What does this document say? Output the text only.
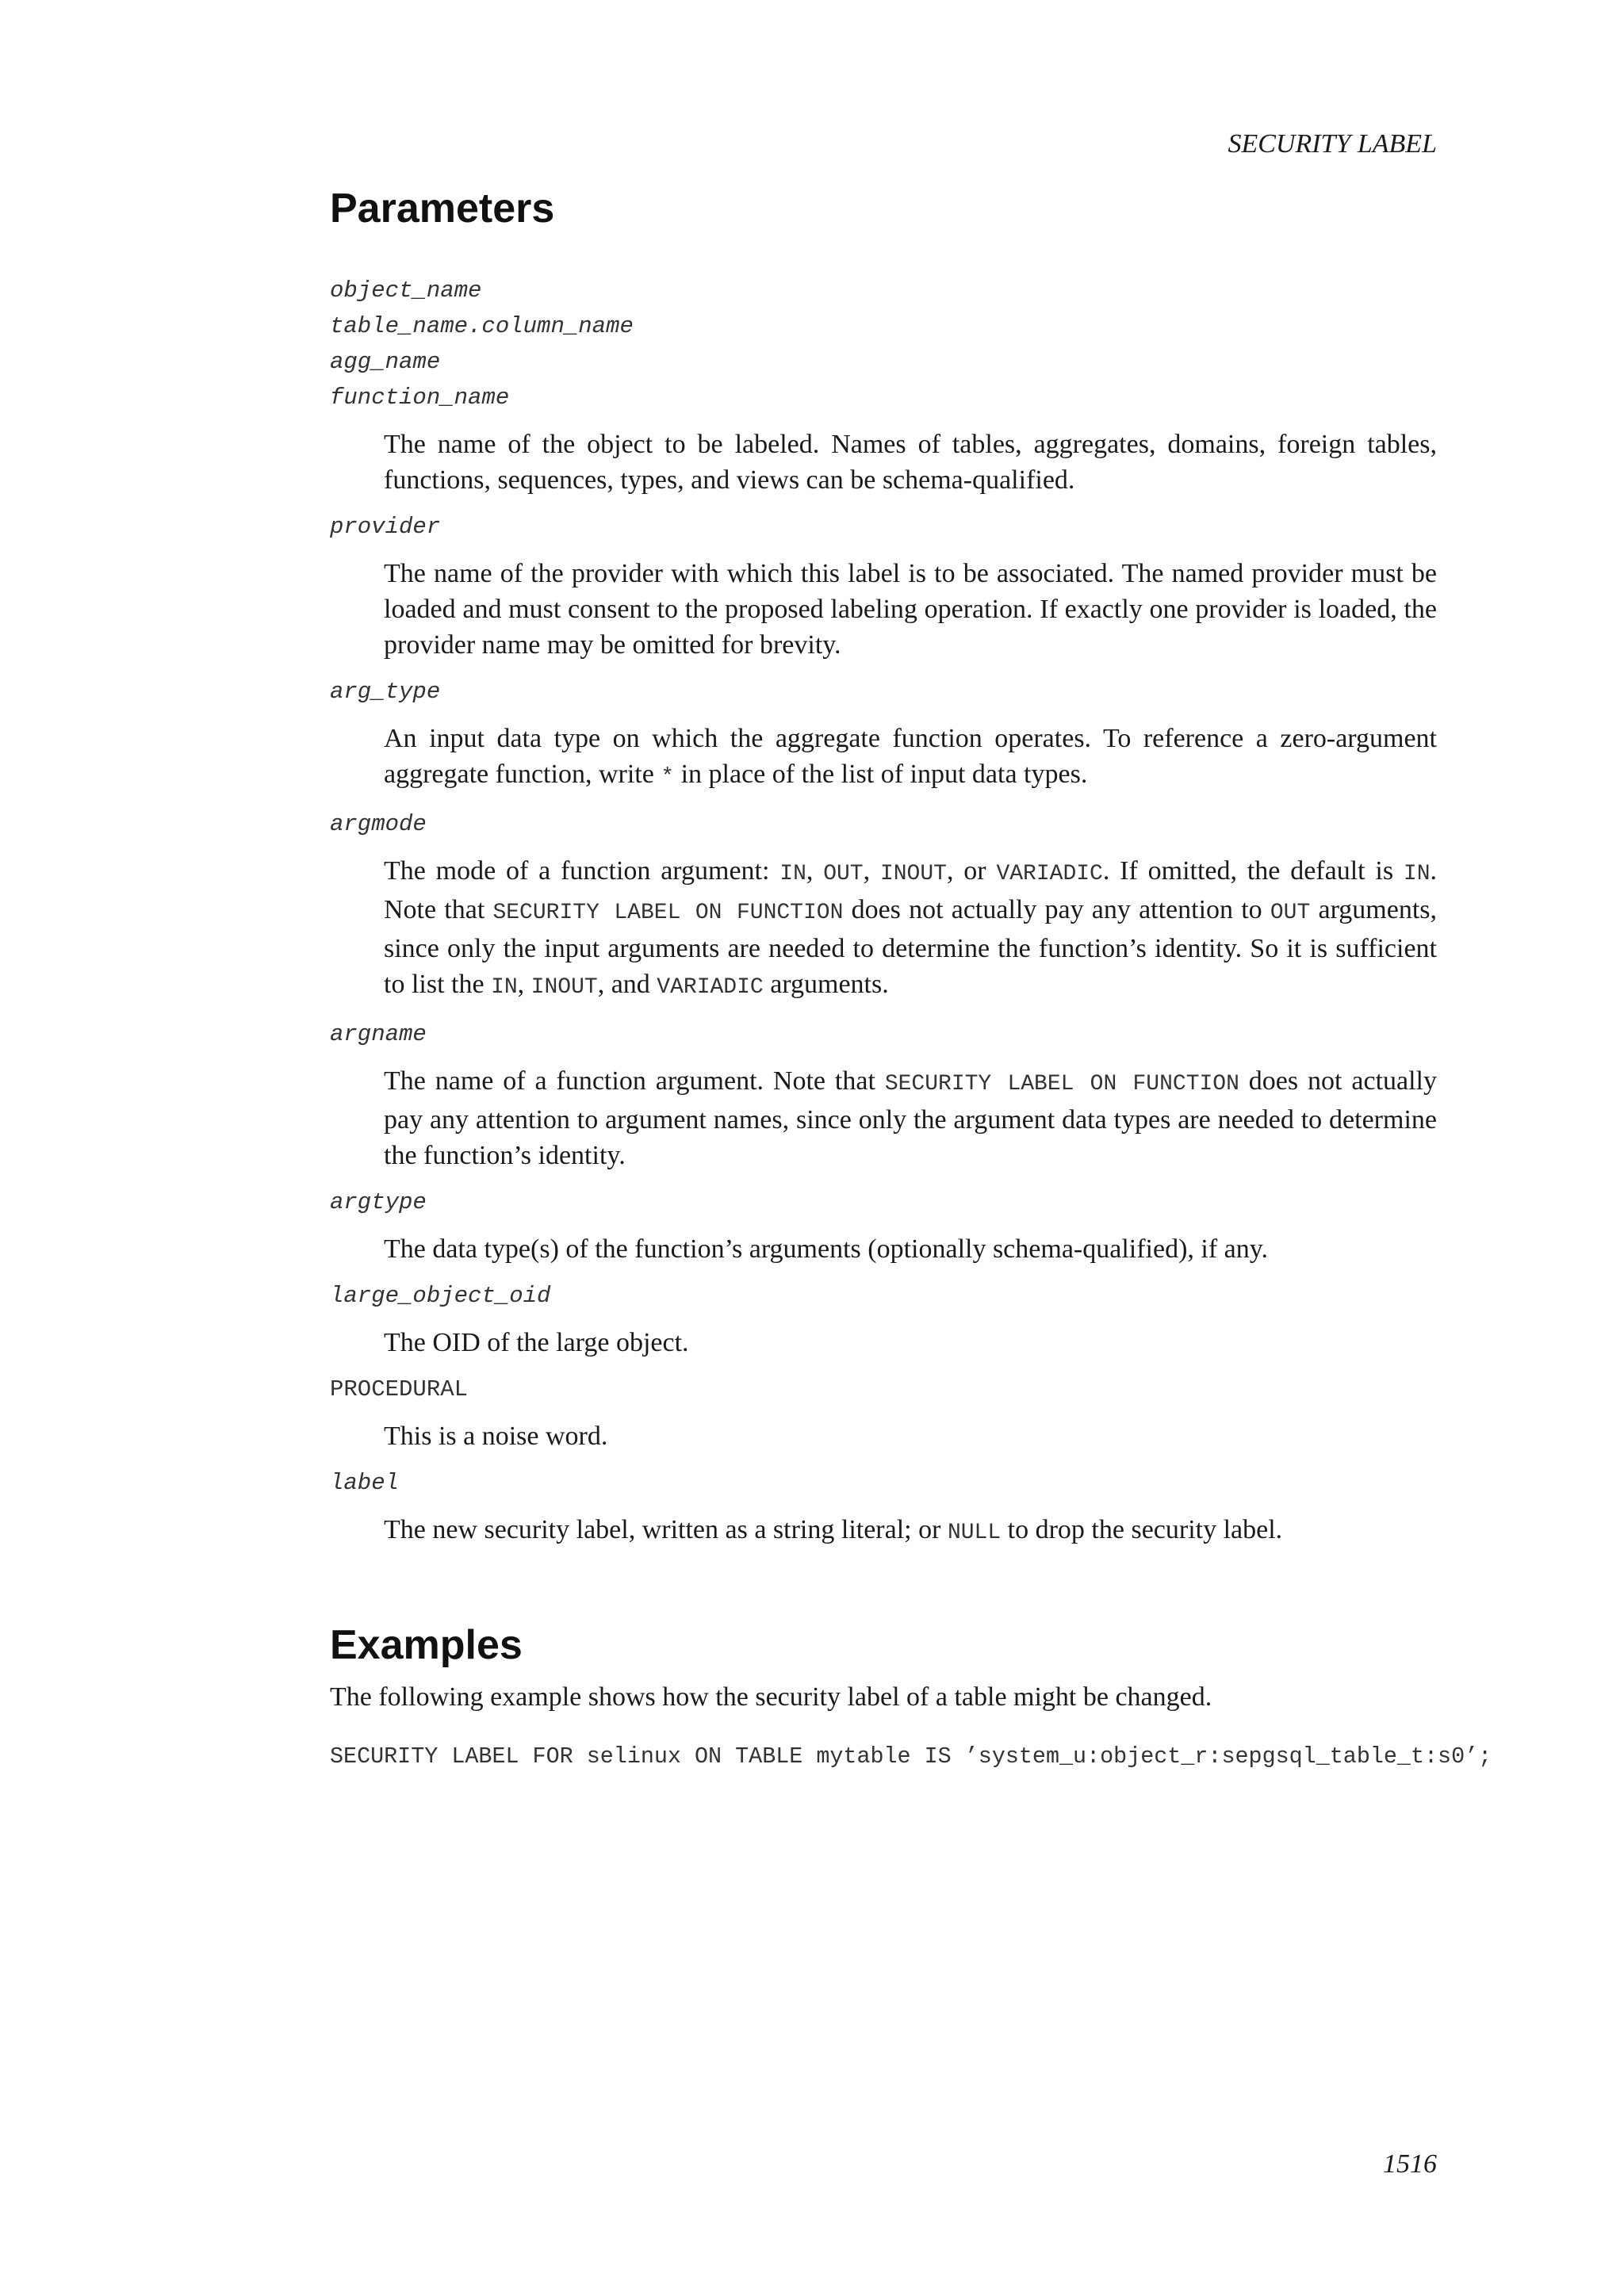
SECURITY LABEL
Parameters
object_name
table_name.column_name
agg_name
function_name
The name of the object to be labeled. Names of tables, aggregates, domains, foreign tables, functions, sequences, types, and views can be schema-qualified.
provider
The name of the provider with which this label is to be associated. The named provider must be loaded and must consent to the proposed labeling operation. If exactly one provider is loaded, the provider name may be omitted for brevity.
arg_type
An input data type on which the aggregate function operates. To reference a zero-argument aggregate function, write * in place of the list of input data types.
argmode
The mode of a function argument: IN, OUT, INOUT, or VARIADIC. If omitted, the default is IN. Note that SECURITY LABEL ON FUNCTION does not actually pay any attention to OUT arguments, since only the input arguments are needed to determine the function’s identity. So it is sufficient to list the IN, INOUT, and VARIADIC arguments.
argname
The name of a function argument. Note that SECURITY LABEL ON FUNCTION does not actually pay any attention to argument names, since only the argument data types are needed to determine the function’s identity.
argtype
The data type(s) of the function’s arguments (optionally schema-qualified), if any.
large_object_oid
The OID of the large object.
PROCEDURAL
This is a noise word.
label
The new security label, written as a string literal; or NULL to drop the security label.
Examples
The following example shows how the security label of a table might be changed.
SECURITY LABEL FOR selinux ON TABLE mytable IS ’system_u:object_r:sepgsql_table_t:s0’;
1516
